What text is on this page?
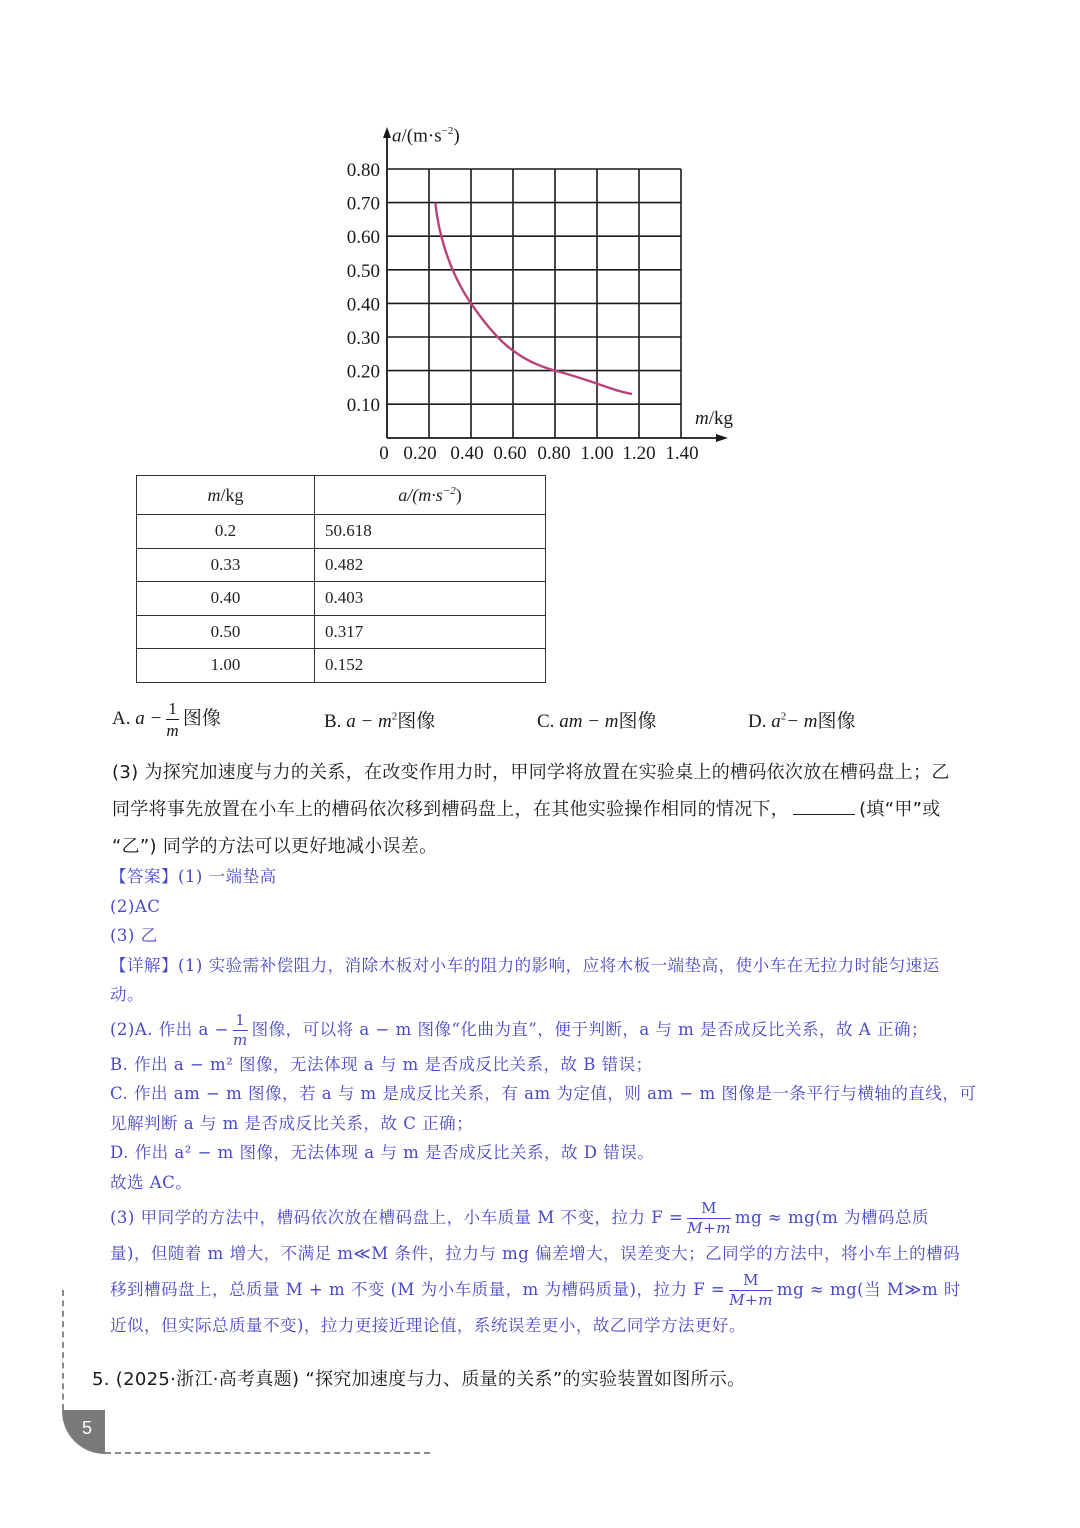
0.80
0.70
0.60
0.50
0.40
0.30
0.20
0.10
0 0.20 0.40 0.60 0.80 1.00 1.20 1.40
$a/(m\cdot s^{-2})$
m/kg
m/kg	$a/(m\cdot s^{-2})$
0.2	50.618
0.33	0.482
0.40	0.403
0.50	0.317
1.00	0.152
A. $a - \frac{1}{m}$ 图像	B. $a - m^2$图像	C. am − m图像	D. $a^2- m$图像
(3) 为探究加速度与力的关系，在改变作用力时，甲同学将放置在实验桌上的槽码依次放在槽码盘上；乙
同学将事先放置在小车上的槽码依次移到槽码盘上，在其他实验操作相同的情况下，	(填“甲”或
“乙”) 同学的方法可以更好地减小误差。
【答案】(1) 一端垫高
(2)AC
(3) 乙
【详解】(1) 实验需补偿阻力，消除木板对小车的阻力的影响，应将木板一端垫高，使小车在无拉力时能匀速运
动。
(2)A. 作出 $a - \frac{1}{m}$ 图像，可以将 a − m 图像“化曲为直”，便于判断，a 与 m 是否成反比关系，故 A 正确；
B. 作出 a − m² 图像，无法体现 a 与 m 是否成反比关系，故 B 错误；
C. 作出 am − m 图像，若 a 与 m 是成反比关系，有 am 为定值，则 am − m 图像是一条平行与横轴的直线，可
见解判断 a 与 m 是否成反比关系，故 C 正确；
D. 作出 a² − m 图像，无法体现 a 与 m 是否成反比关系，故 D 错误。
故选 AC。
(3) 甲同学的方法中，槽码依次放在槽码盘上，小车质量 M 不变，拉力 $F = \frac{M}{M+m}$ mg ≈ mg(m 为槽码总质
量)，但随着 m 增大，不满足 m≪M 条件，拉力与 mg 偏差增大，误差变大；乙同学的方法中，将小车上的槽码
移到槽码盘上，总质量 M + m 不变 (M 为小车质量，m 为槽码质量)，拉力 $F = \frac{M}{M+m}$ mg ≈ mg(当 M≫m 时
近似，但实际总质量不变)，拉力更接近理论值，系统误差更小，故乙同学方法更好。
5. (2025·浙江·高考真题) “探究加速度与力、质量的关系”的实验装置如图所示。
5
